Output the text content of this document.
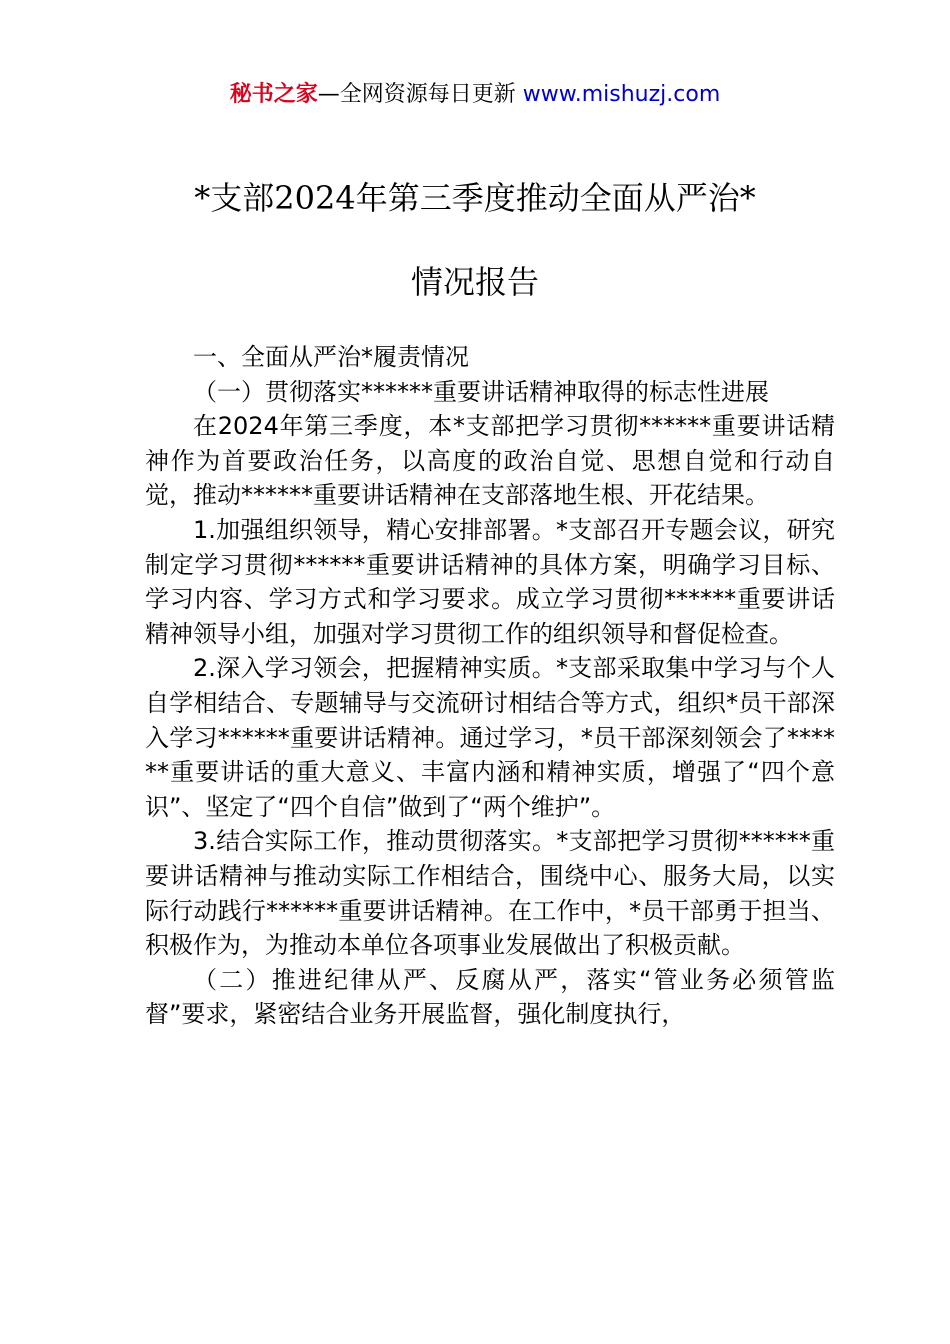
秘书之家—全网资源每日更新 www.mishuzj.com
*支部2024年第三季度推动全面从严治*
情况报告

一、全面从严治*履责情况

（一）贯彻落实******重要讲话精神取得的标志性进展

在2024年第三季度，本*支部把学习贯彻******重要讲话精神作为首要政治任务，以高度的政治自觉、思想自觉和行动自觉，推动******重要讲话精神在支部落地生根、开花结果。

1.加强组织领导，精心安排部署。*支部召开专题会议，研究制定学习贯彻******重要讲话精神的具体方案，明确学习目标、学习内容、学习方式和学习要求。成立学习贯彻******重要讲话精神领导小组，加强对学习贯彻工作的组织领导和督促检查。

2.深入学习领会，把握精神实质。*支部采取集中学习与个人自学相结合、专题辅导与交流研讨相结合等方式，组织*员干部深入学习******重要讲话精神。通过学习，*员干部深刻领会了******重要讲话的重大意义、丰富内涵和精神实质，增强了“四个意识”、坚定了“四个自信”做到了“两个维护”。

3.结合实际工作，推动贯彻落实。*支部把学习贯彻******重要讲话精神与推动实际工作相结合，围绕中心、服务大局，以实际行动践行******重要讲话精神。在工作中，*员干部勇于担当、积极作为，为推动本单位各项事业发展做出了积极贡献。

（二）推进纪律从严、反腐从严，落实“管业务必须管监督”要求，紧密结合业务开展监督，强化制度执行，
